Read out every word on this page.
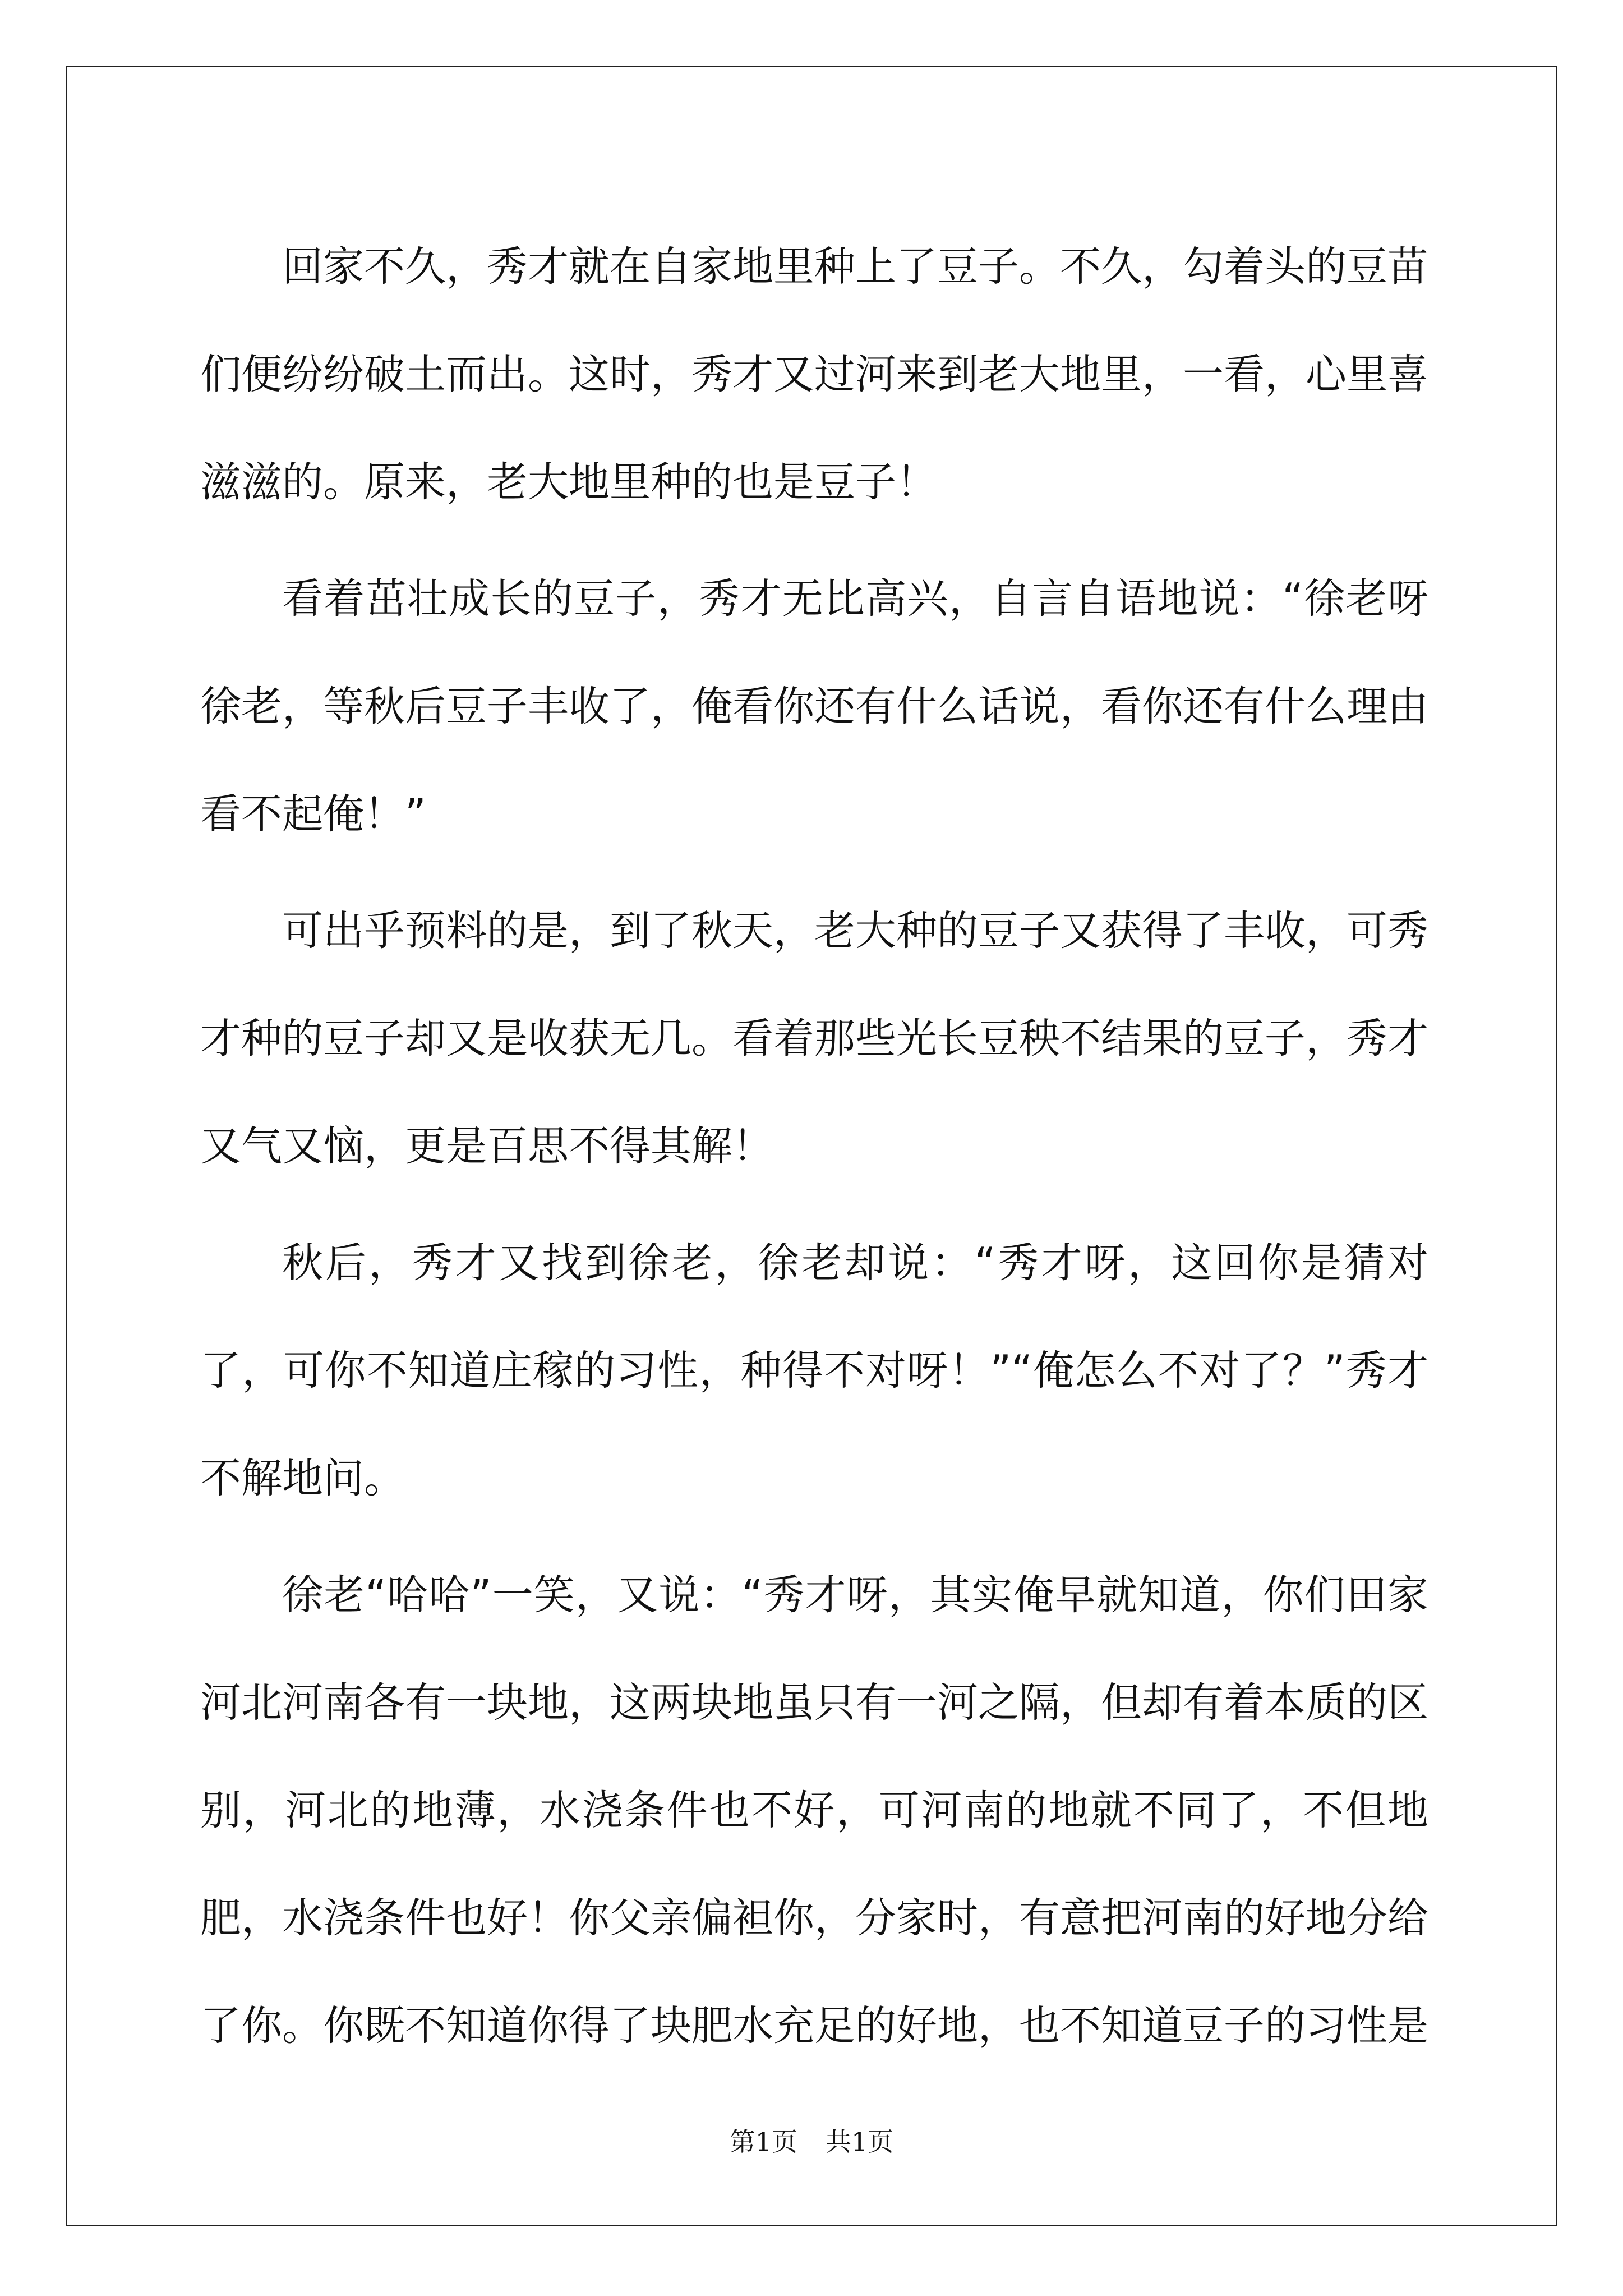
回家不久，秀才就在自家地里种上了豆子。不久，勾着头的豆苗们便纷纷破土而出。这时，秀才又过河来到老大地里，一看，心里喜滋滋的。原来，老大地里种的也是豆子！

看着茁壮成长的豆子，秀才无比高兴，自言自语地说：“徐老呀徐老，等秋后豆子丰收了，俺看你还有什么话说，看你还有什么理由看不起俺！”

可出乎预料的是，到了秋天，老大种的豆子又获得了丰收，可秀才种的豆子却又是收获无几。看着那些光长豆秧不结果的豆子，秀才又气又恼，更是百思不得其解！

秋后，秀才又找到徐老，徐老却说：“秀才呀，这回你是猜对了，可你不知道庄稼的习性，种得不对呀！”“俺怎么不对了？”秀才不解地问。

徐老“哈哈”一笑，又说：“秀才呀，其实俺早就知道，你们田家河北河南各有一块地，这两块地虽只有一河之隔，但却有着本质的区别，河北的地薄，水浇条件也不好，可河南的地就不同了，不但地肥，水浇条件也好！你父亲偏袒你，分家时，有意把河南的好地分给了你。你既不知道你得了块肥水充足的好地，也不知道豆子的习性是

第1页 共1页
